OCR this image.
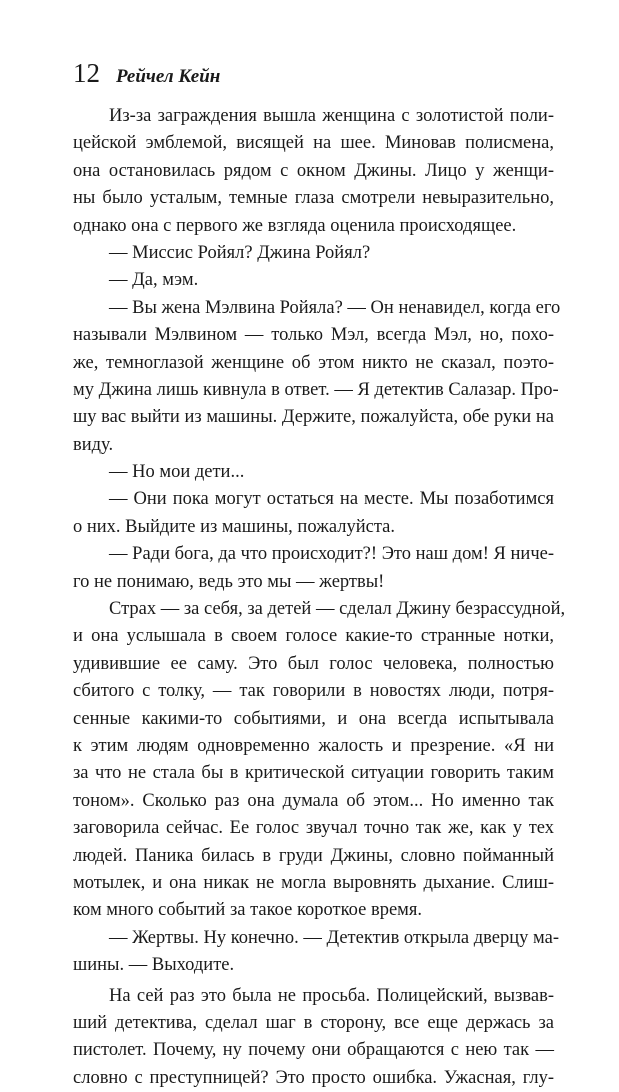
12 Рейчел Кейн
Из-за заграждения вышла женщина с золотистой поли-
цейской эмблемой, висящей на шее. Миновав полисмена,
она остановилась рядом с окном Джины. Лицо у женщи-
ны было усталым, темные глаза смотрели невыразительно,
однако она с первого же взгляда оценила происходящее.
— Миссис Ройял? Джина Ройял?
— Да, мэм.
— Вы жена Мэлвина Ройяла? — Он ненавидел, когда его
называли Мэлвином — только Мэл, всегда Мэл, но, похо-
же, темноглазой женщине об этом никто не сказал, поэто-
му Джина лишь кивнула в ответ. — Я детектив Салазар. Про-
шу вас выйти из машины. Держите, пожалуйста, обе руки на
виду.
— Но мои дети...
— Они пока могут остаться на месте. Мы позаботимся
о них. Выйдите из машины, пожалуйста.
— Ради бога, да что происходит?! Это наш дом! Я ниче-
го не понимаю, ведь это мы — жертвы!
Страх — за себя, за детей — сделал Джину безрассудной,
и она услышала в своем голосе какие-то странные нотки,
удивившие ее саму. Это был голос человека, полностью
сбитого с толку, — так говорили в новостях люди, потря-
сенные какими-то событиями, и она всегда испытывала
к этим людям одновременно жалость и презрение. «Я ни
за что не стала бы в критической ситуации говорить таким
тоном». Сколько раз она думала об этом... Но именно так
заговорила сейчас. Ее голос звучал точно так же, как у тех
людей. Паника билась в груди Джины, словно пойманный
мотылек, и она никак не могла выровнять дыхание. Слиш-
ком много событий за такое короткое время.
— Жертвы. Ну конечно. — Детектив открыла дверцу ма-
шины. — Выходите.
На сей раз это была не просьба. Полицейский, вызвав-
ший детектива, сделал шаг в сторону, все еще держась за
пистолет. Почему, ну почему они обращаются с нею так —
словно с преступницей? Это просто ошибка. Ужасная, глу-
